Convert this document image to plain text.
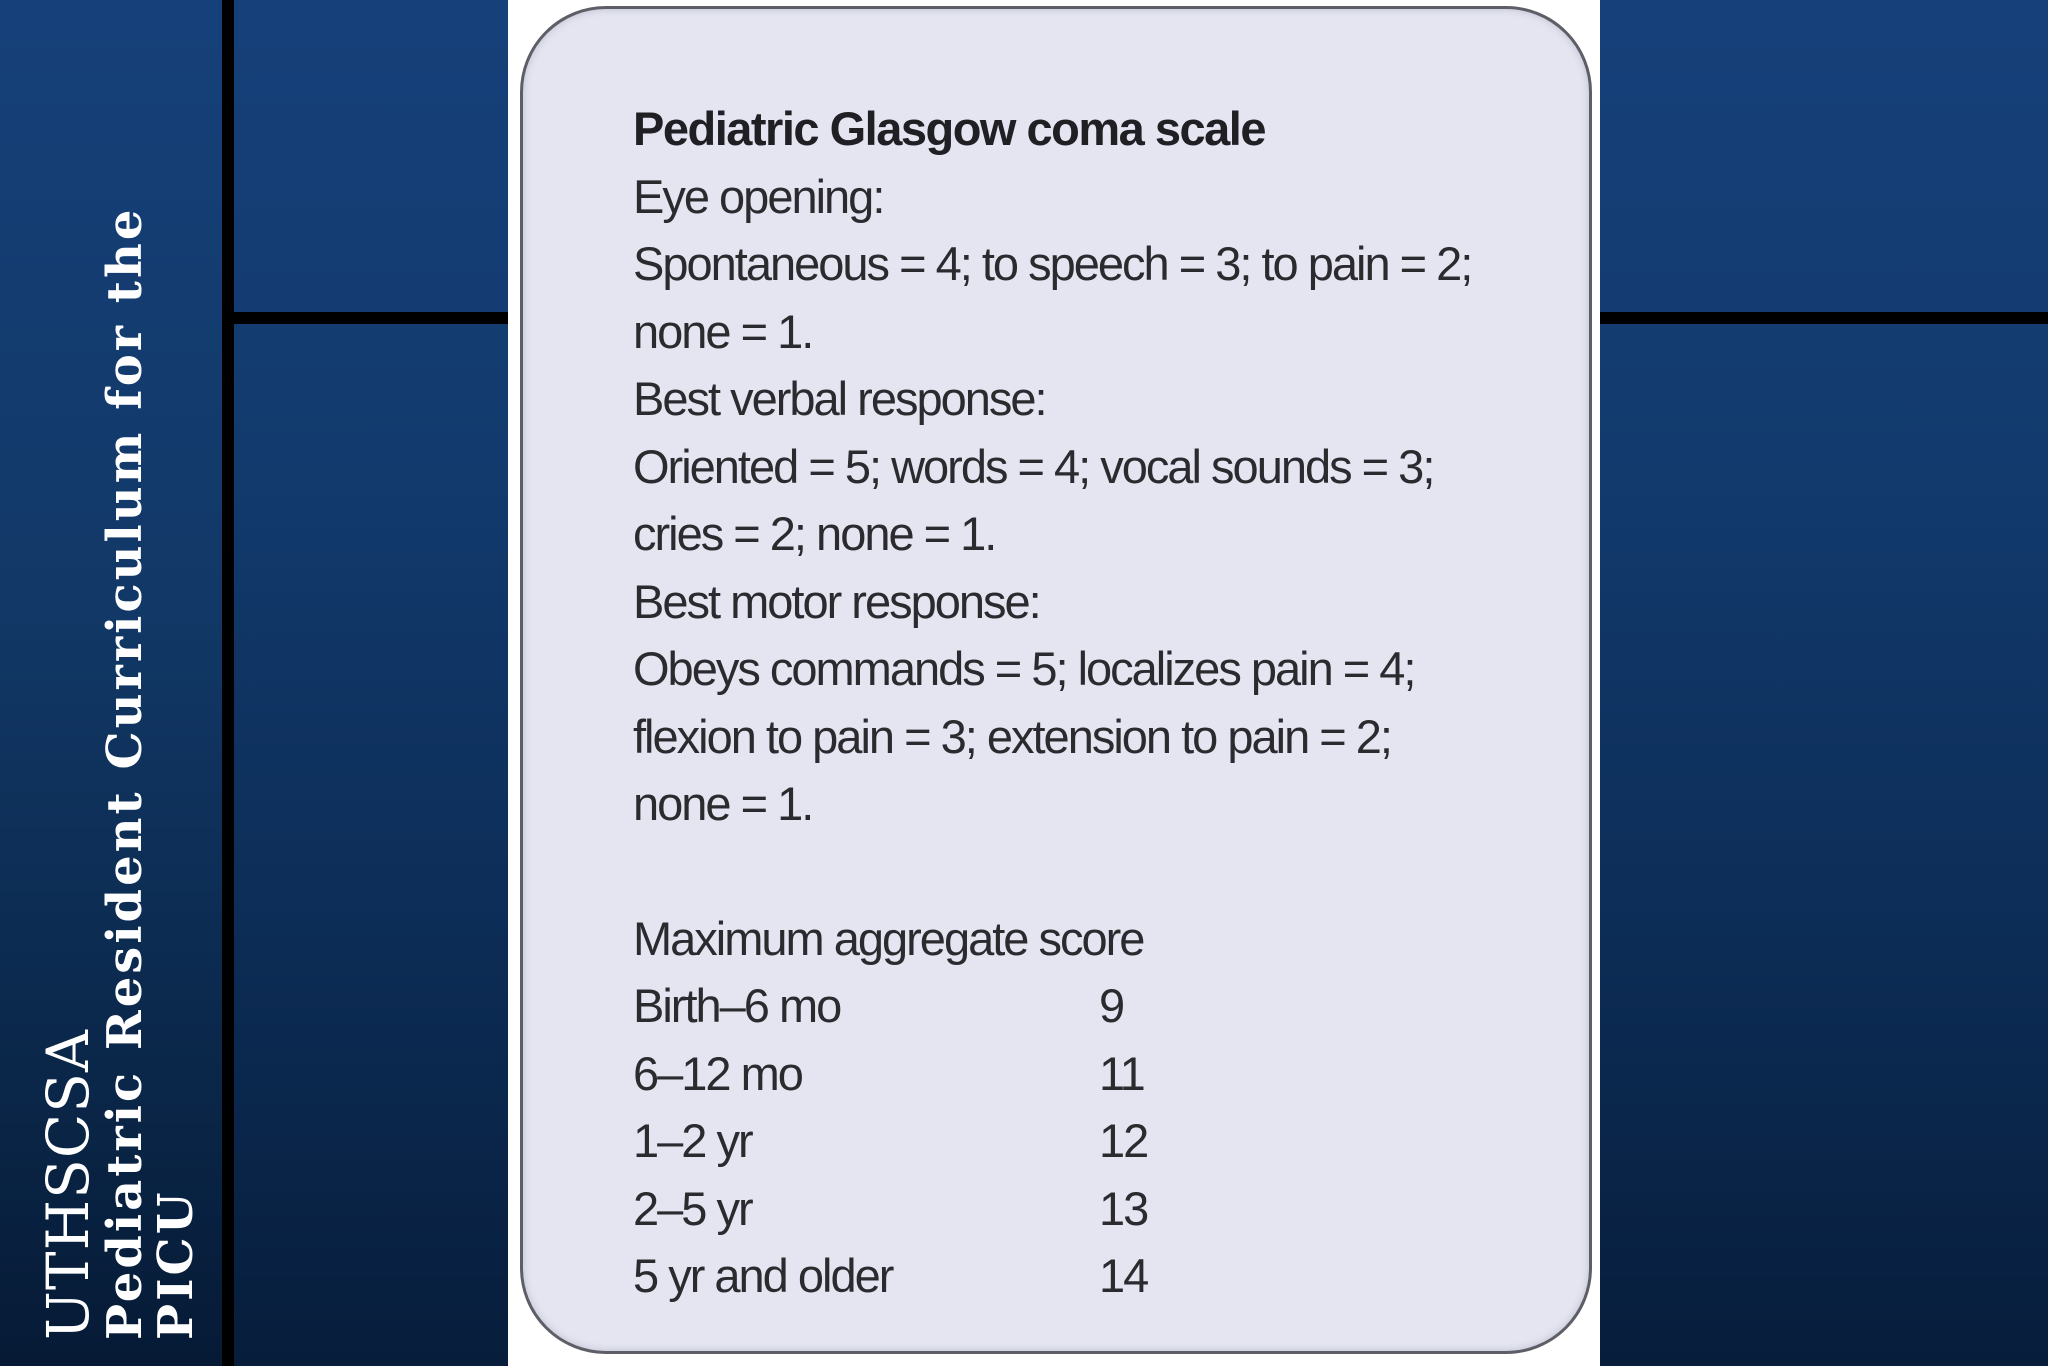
UTHSCSA
Pediatric Resident Curriculum for the PICU
Pediatric Glasgow coma scale
Eye opening:
Spontaneous = 4; to speech = 3; to pain = 2;
none = 1.
Best verbal response:
Oriented = 5; words = 4; vocal sounds = 3;
cries = 2; none = 1.
Best motor response:
Obeys commands = 5; localizes pain = 4;
flexion to pain = 3; extension to pain = 2;
none = 1.
Maximum aggregate score
Birth–6 mo	9
6–12 mo	11
1–2 yr	12
2–5 yr	13
5 yr and older	14
